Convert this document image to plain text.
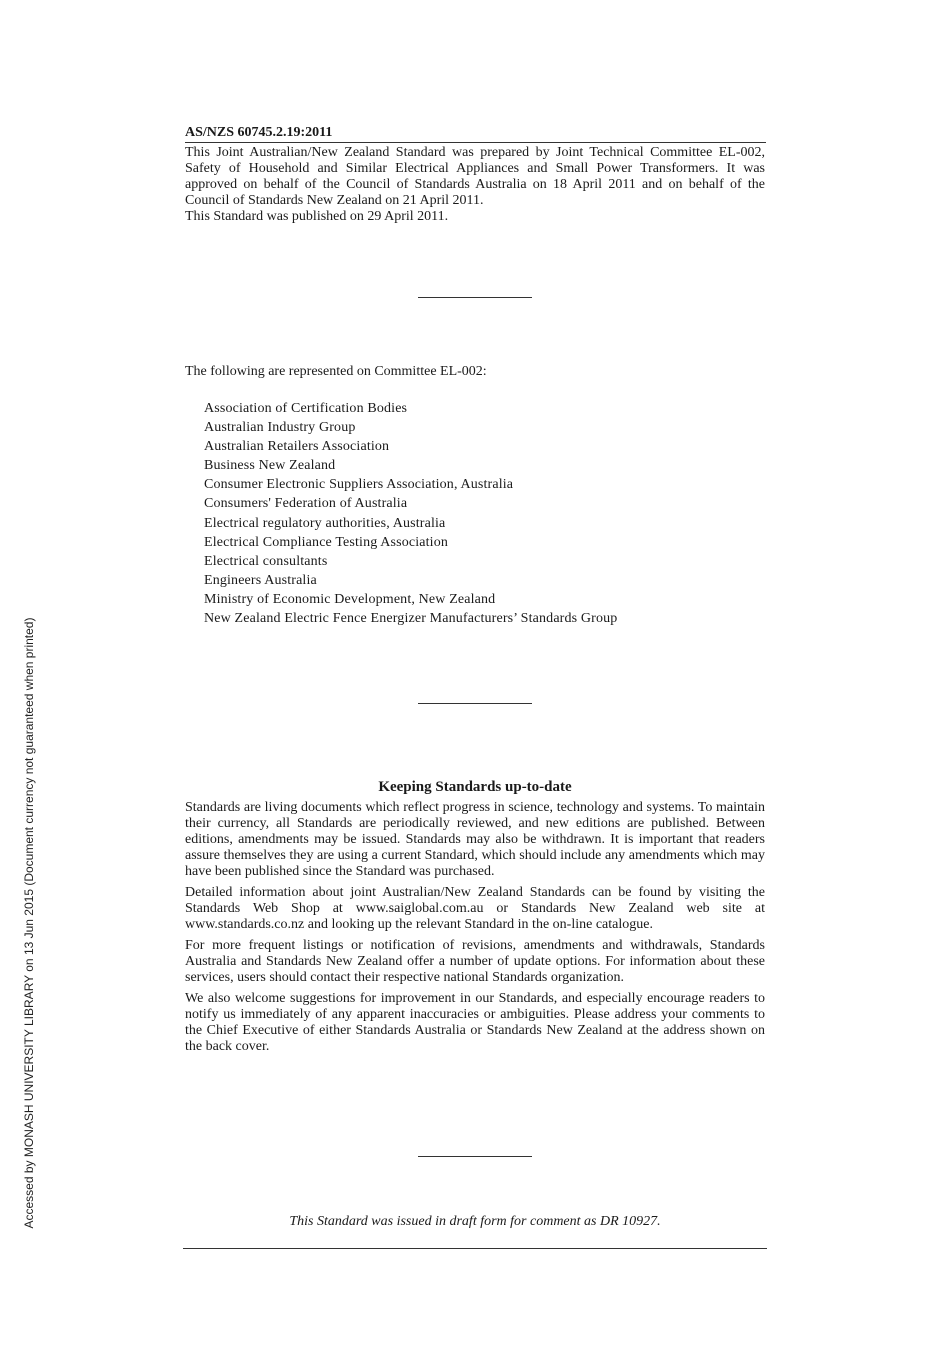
Accessed by MONASH UNIVERSITY LIBRARY on 13 Jun 2015 (Document currency not guaranteed when printed)
AS/NZS 60745.2.19:2011

This Joint Australian/New Zealand Standard was prepared by Joint Technical Committee EL-002, Safety of Household and Similar Electrical Appliances and Small Power Transformers. It was approved on behalf of the Council of Standards Australia on 18 April 2011 and on behalf of the Council of Standards New Zealand on 21 April 2011.

This Standard was published on 29 April 2011.

The following are represented on Committee EL-002:

Association of Certification Bodies
Australian Industry Group
Australian Retailers Association
Business New Zealand
Consumer Electronic Suppliers Association, Australia
Consumers' Federation of Australia
Electrical regulatory authorities, Australia
Electrical Compliance Testing Association
Electrical consultants
Engineers Australia
Ministry of Economic Development, New Zealand
New Zealand Electric Fence Energizer Manufacturers’ Standards Group
Keeping Standards up-to-date

Standards are living documents which reflect progress in science, technology and systems. To maintain their currency, all Standards are periodically reviewed, and new editions are published. Between editions, amendments may be issued. Standards may also be withdrawn. It is important that readers assure themselves they are using a current Standard, which should include any amendments which may have been published since the Standard was purchased.

Detailed information about joint Australian/New Zealand Standards can be found by visiting the Standards Web Shop at www.saiglobal.com.au or Standards New Zealand web site at www.standards.co.nz and looking up the relevant Standard in the on-line catalogue.

For more frequent listings or notification of revisions, amendments and withdrawals, Standards Australia and Standards New Zealand offer a number of update options. For information about these services, users should contact their respective national Standards organization.

We also welcome suggestions for improvement in our Standards, and especially encourage readers to notify us immediately of any apparent inaccuracies or ambiguities. Please address your comments to the Chief Executive of either Standards Australia or Standards New Zealand at the address shown on the back cover.

This Standard was issued in draft form for comment as DR 10927.
